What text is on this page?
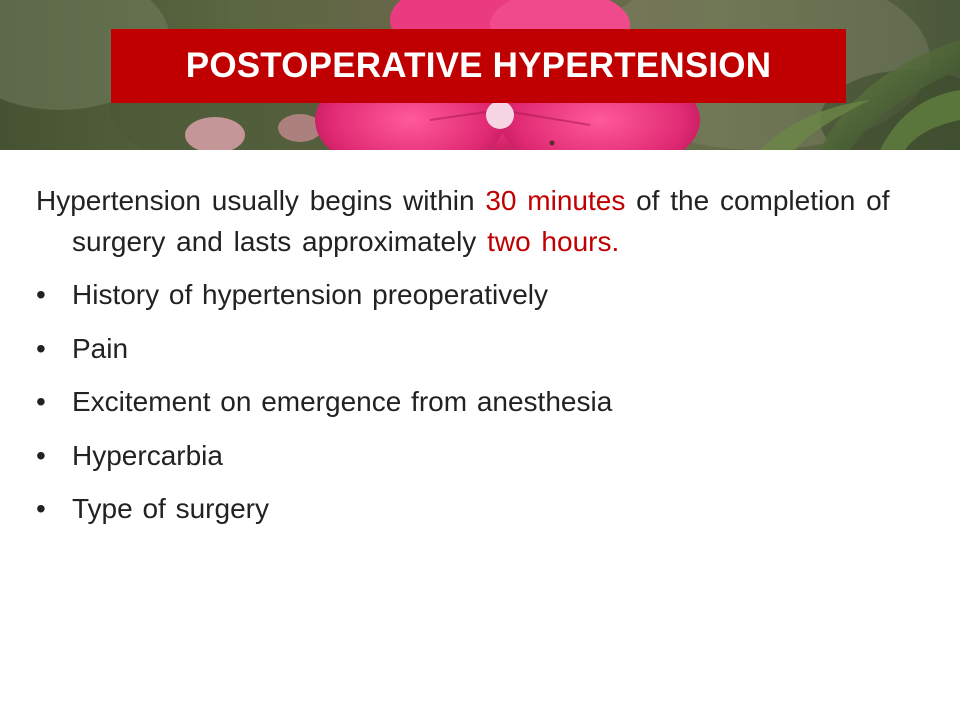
POSTOPERATIVE HYPERTENSION

Hypertension usually begins within 30 minutes of the completion of surgery and lasts approximately two hours.

• History of hypertension preoperatively
• Pain
• Excitement on emergence from anesthesia
• Hypercarbia
• Type of surgery
